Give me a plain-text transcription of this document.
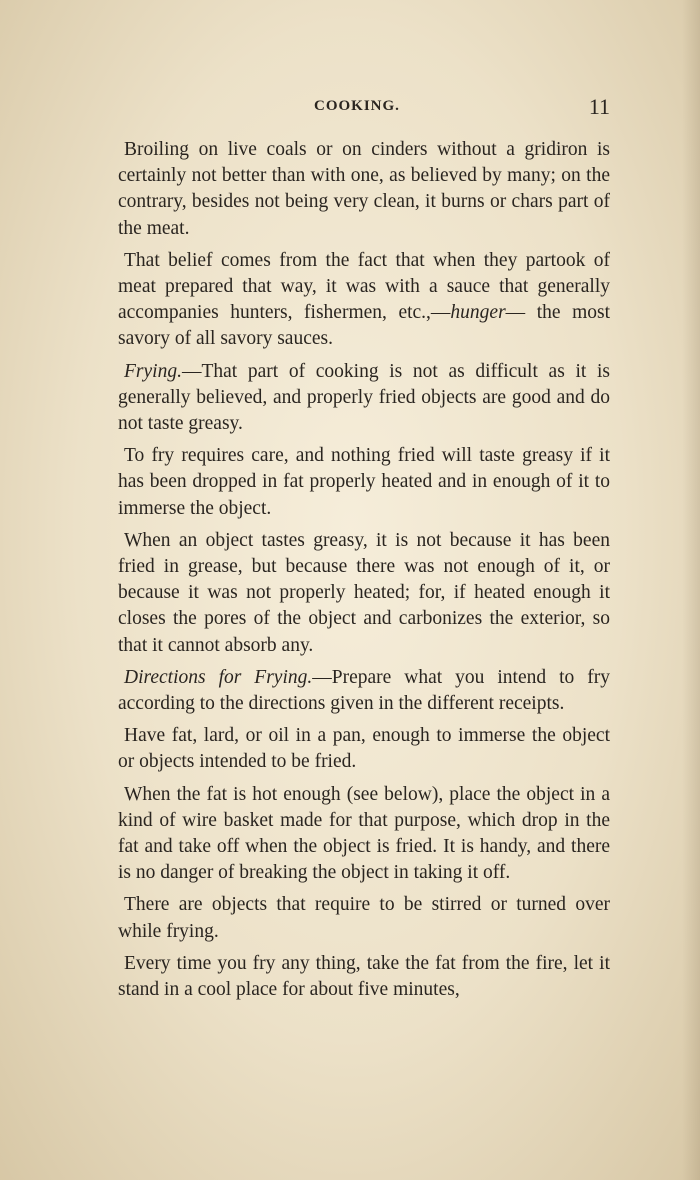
COOKING.	11

Broiling on live coals or on cinders without a gridiron is certainly not better than with one, as believed by many; on the contrary, besides not being very clean, it burns or chars part of the meat.

That belief comes from the fact that when they partook of meat prepared that way, it was with a sauce that generally accompanies hunters, fishermen, etc.,—hunger— the most savory of all savory sauces.

Frying.—That part of cooking is not as difficult as it is generally believed, and properly fried objects are good and do not taste greasy.

To fry requires care, and nothing fried will taste greasy if it has been dropped in fat properly heated and in enough of it to immerse the object.

When an object tastes greasy, it is not because it has been fried in grease, but because there was not enough of it, or because it was not properly heated; for, if heated enough it closes the pores of the object and carbonizes the exterior, so that it cannot absorb any.

Directions for Frying.—Prepare what you intend to fry according to the directions given in the different receipts.

Have fat, lard, or oil in a pan, enough to immerse the object or objects intended to be fried.

When the fat is hot enough (see below), place the object in a kind of wire basket made for that purpose, which drop in the fat and take off when the object is fried. It is handy, and there is no danger of breaking the object in taking it off.

There are objects that require to be stirred or turned over while frying.

Every time you fry any thing, take the fat from the fire, let it stand in a cool place for about five minutes,
